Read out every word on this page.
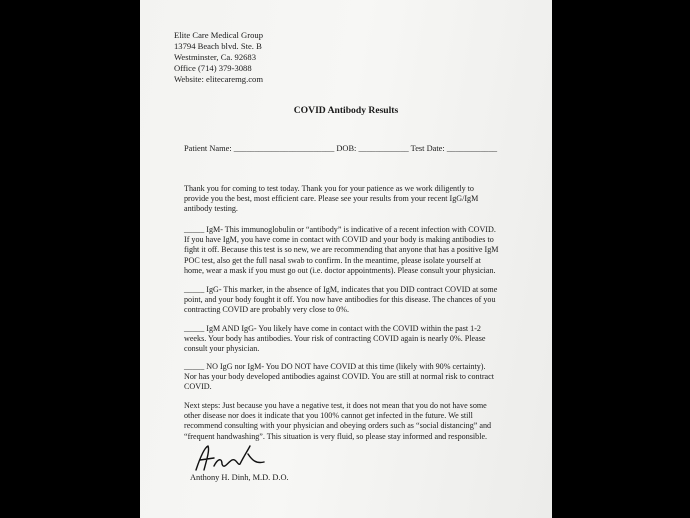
Elite Care Medical Group
13794 Beach blvd. Ste. B
Westminster, Ca. 92683
Office (714) 379-3088
Website: elitecaremg.com
COVID Antibody Results
Patient Name: ________________________ DOB: ____________ Test Date: ____________
Thank you for coming to test today. Thank you for your patience as we work diligently to
provide you the best, most efficient care. Please see your results from your recent IgG/IgM
antibody testing.
_____ IgM- This immunoglobulin or “antibody” is indicative of a recent infection with COVID.
If you have IgM, you have come in contact with COVID and your body is making antibodies to
fight it off. Because this test is so new, we are recommending that anyone that has a positive IgM
POC test, also get the full nasal swab to confirm. In the meantime, please isolate yourself at
home, wear a mask if you must go out (i.e. doctor appointments). Please consult your physician.
_____ IgG- This marker, in the absence of IgM, indicates that you DID contract COVID at some
point, and your body fought it off. You now have antibodies for this disease. The chances of you
contracting COVID are probably very close to 0%.
_____ IgM AND IgG- You likely have come in contact with the COVID within the past 1-2
weeks. Your body has antibodies. Your risk of contracting COVID again is nearly 0%. Please
consult your physician.
_____ NO IgG nor IgM- You DO NOT have COVID at this time (likely with 90% certainty).
Nor has your body developed antibodies against COVID. You are still at normal risk to contract
COVID.
Next steps: Just because you have a negative test, it does not mean that you do not have some
other disease nor does it indicate that you 100% cannot get infected in the future. We still
recommend consulting with your physician and obeying orders such as “social distancing” and
“frequent handwashing”. This situation is very fluid, so please stay informed and responsible.
Anthony H. Dinh, M.D. D.O.
